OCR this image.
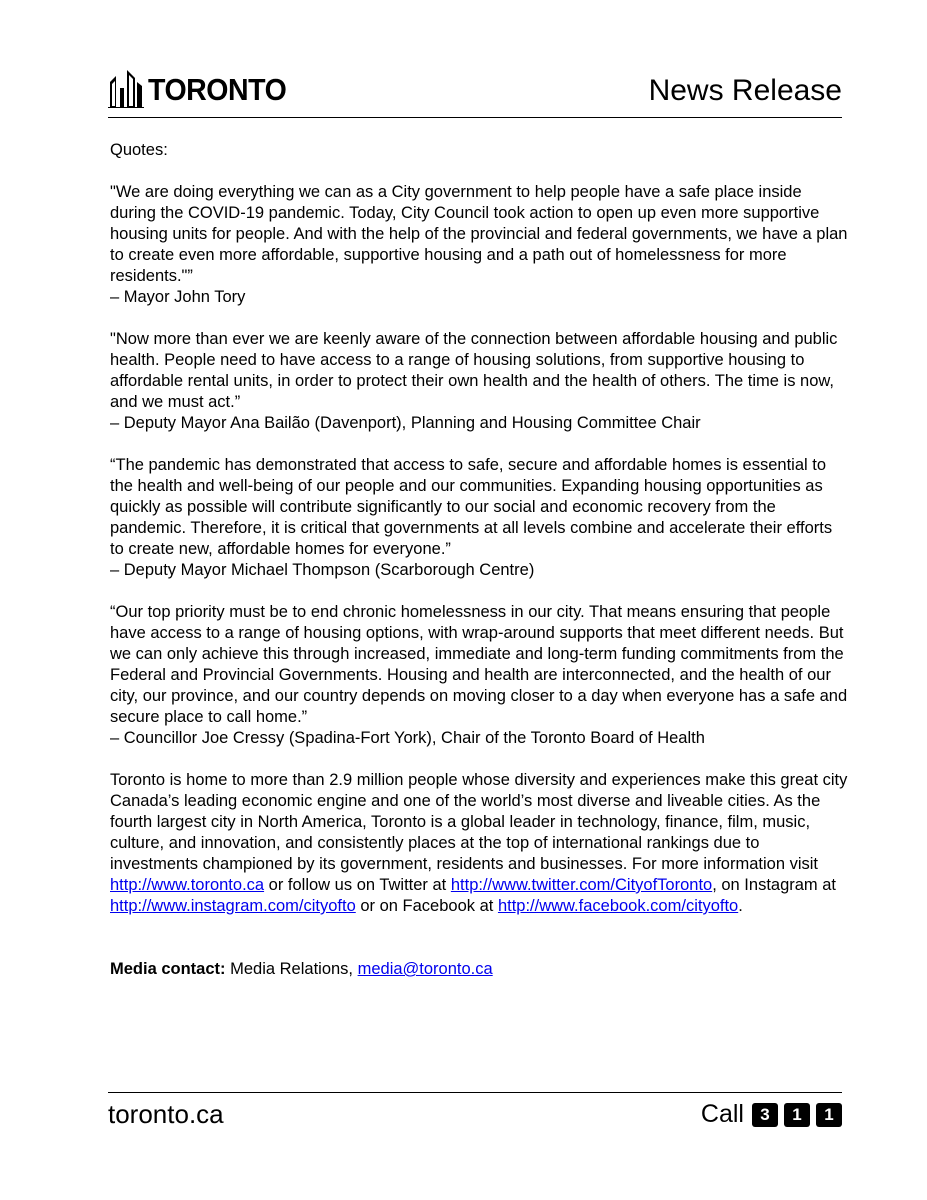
TORONTO	News Release

Quotes:

"We are doing everything we can as a City government to help people have a safe place inside during the COVID-19 pandemic. Today, City Council took action to open up even more supportive housing units for people. And with the help of the provincial and federal governments, we have a plan to create even more affordable, supportive housing and a path out of homelessness for more residents."”
– Mayor John Tory

"Now more than ever we are keenly aware of the connection between affordable housing and public health. People need to have access to a range of housing solutions, from supportive housing to affordable rental units, in order to protect their own health and the health of others. The time is now, and we must act.”
– Deputy Mayor Ana Bailão (Davenport), Planning and Housing Committee Chair

“The pandemic has demonstrated that access to safe, secure and affordable homes is essential to the health and well-being of our people and our communities. Expanding housing opportunities as quickly as possible will contribute significantly to our social and economic recovery from the pandemic. Therefore, it is critical that governments at all levels combine and accelerate their efforts to create new, affordable homes for everyone.”
– Deputy Mayor Michael Thompson (Scarborough Centre)

“Our top priority must be to end chronic homelessness in our city. That means ensuring that people have access to a range of housing options, with wrap-around supports that meet different needs. But we can only achieve this through increased, immediate and long-term funding commitments from the Federal and Provincial Governments. Housing and health are interconnected, and the health of our city, our province, and our country depends on moving closer to a day when everyone has a safe and secure place to call home.”
– Councillor Joe Cressy (Spadina-Fort York), Chair of the Toronto Board of Health

Toronto is home to more than 2.9 million people whose diversity and experiences make this great city Canada’s leading economic engine and one of the world’s most diverse and liveable cities. As the fourth largest city in North America, Toronto is a global leader in technology, finance, film, music, culture, and innovation, and consistently places at the top of international rankings due to investments championed by its government, residents and businesses. For more information visit http://www.toronto.ca or follow us on Twitter at http://www.twitter.com/CityofToronto, on Instagram at http://www.instagram.com/cityofto or on Facebook at http://www.facebook.com/cityofto.

Media contact: Media Relations, media@toronto.ca

toronto.ca	Call 3	1	1
